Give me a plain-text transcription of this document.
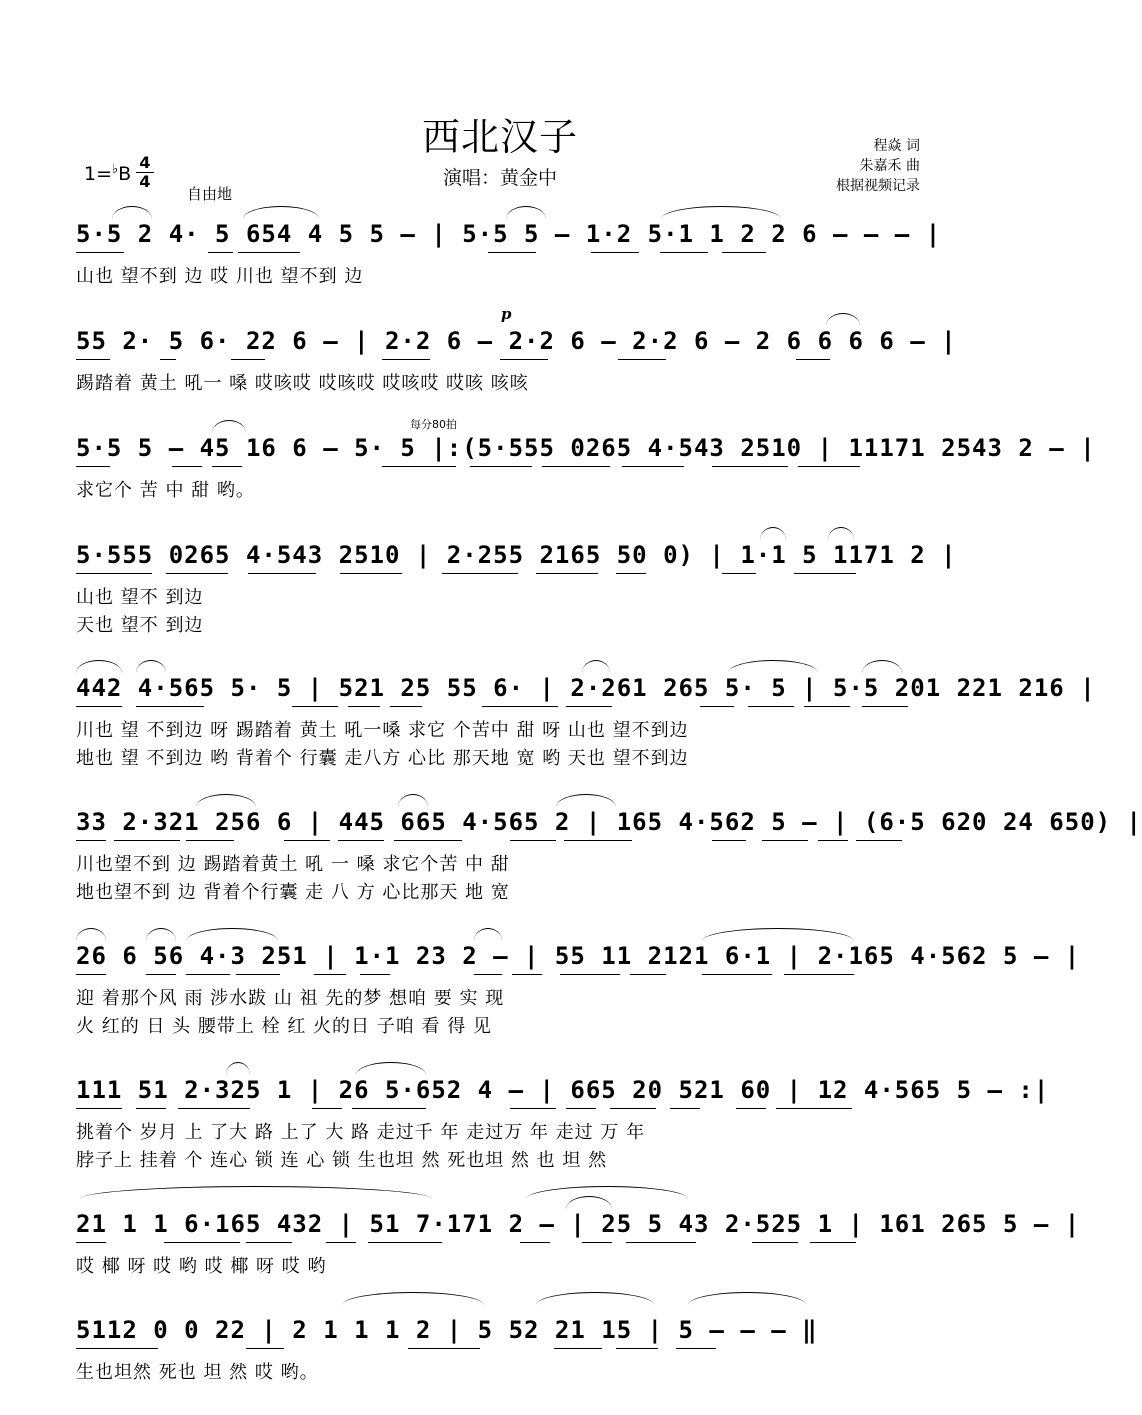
西北汉子
演唱：黄金中
程焱 词
朱嘉禾 曲
根据视频记录
1=♭B
4
4
自由地
每分80拍
p
5·5 2 4· 5 654 4 5 5 – | 5·5 5 – 1·2 5·1 1 2 2 6 – – – |
山也 望不到 边 哎 川也 望不到 边
55 2· 5 6· 22 6 – | 2·2 6 – 2·2 6 – 2·2 6 – 2 6 6 6 6 – |
踢踏着 黄土 吼一 嗓 哎咳哎 哎咳哎 哎咳哎 哎咳 咳咳
5·5 5 – 45 16 6 – 5· 5 |:(5·555 0265 4·543 2510 | 11171 2543 2 – |
求它个 苦 中 甜 哟。
5·555 0265 4·543 2510 | 2·255 2165 50 0) | 1·1 5 1171 2 |
山也 望不 到边
天也 望不 到边
442 4·565 5· 5 | 521 25 55 6· | 2·261 265 5· 5 | 5·5 201 221 216 |
川也 望 不到边 呀 踢踏着 黄土 吼一嗓 求它 个苦中 甜 呀 山也 望不到边
地也 望 不到边 哟 背着个 行囊 走八方 心比 那天地 宽 哟 天也 望不到边
33 2·321 256 6 | 445 665 4·565 2 | 165 4·562 5 – | (6·5 620 24 650) |
川也望不到 边 踢踏着黄土 吼 一 嗓 求它个苦 中 甜
地也望不到 边 背着个行囊 走 八 方 心比那天 地 宽
26 6 56 4·3 251 | 1·1 23 2 – | 55 11 2121 6·1 | 2·165 4·562 5 – |
迎 着那个风 雨 涉水跋 山 祖 先的梦 想咱 要 实 现
火 红的 日 头 腰带上 栓 红 火的日 子咱 看 得 见
111 51 2·325 1 | 26 5·652 4 – | 665 20 521 60 | 12 4·565 5 – :|
挑着个 岁月 上 了大 路 上了 大 路 走过千 年 走过万 年 走过 万 年
脖子上 挂着 个 连心 锁 连 心 锁 生也坦 然 死也坦 然 也 坦 然
21 1 1 6·165 432 | 51 7·171 2 – | 25 5 43 2·525 1 | 161 265 5 – |
哎 椰 呀 哎 哟 哎 椰 呀 哎 哟
5112 0 0 22 | 2 1 1 1 2 | 5 52 21 15 | 5 – – – ‖
生也坦然 死也 坦 然 哎 哟。
